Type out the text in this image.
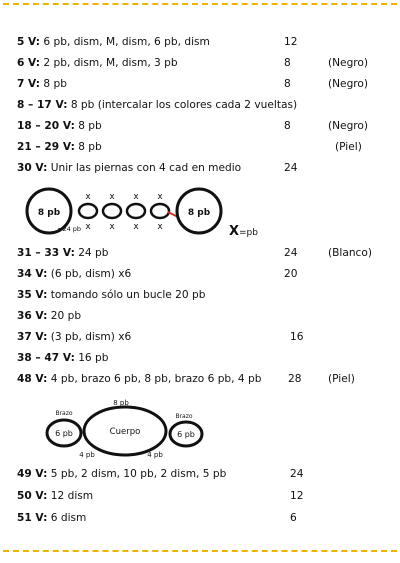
5 V: 6 pb, dism, M, dism, 6 pb, dism	12
6 V: 2 pb, dism, M, dism, 3 pb	8	(Negro)
7 V: 8 pb	8	(Negro)
8 – 17 V: 8 pb (intercalar los colores cada 2 vueltas)
18 – 20 V: 8 pb	8	(Negro)
21 – 29 V: 8 pb	(Piel)
30 V: Unir las piernas con 4 cad en medio	24
8 pb
=24 pb
x x x x
x x x x
8 pb
X =pb
31 – 33 V: 24 pb	24	(Blanco)
34 V: (6 pb, dism) x6	20
35 V: tomando sólo un bucle 20 pb
36 V: 20 pb
37 V: (3 pb, dism) x6	16
38 – 47 V: 16 pb
48 V: 4 pb, brazo 6 pb, 8 pb, brazo 6 pb, 4 pb	28	(Piel)
8 pb
Cuerpo
Brazo
6 pb
Brazo
6 pb
4 pb	4 pb
49 V: 5 pb, 2 dism, 10 pb, 2 dism, 5 pb	24
50 V: 12 dism	12
51 V: 6 dism	6
